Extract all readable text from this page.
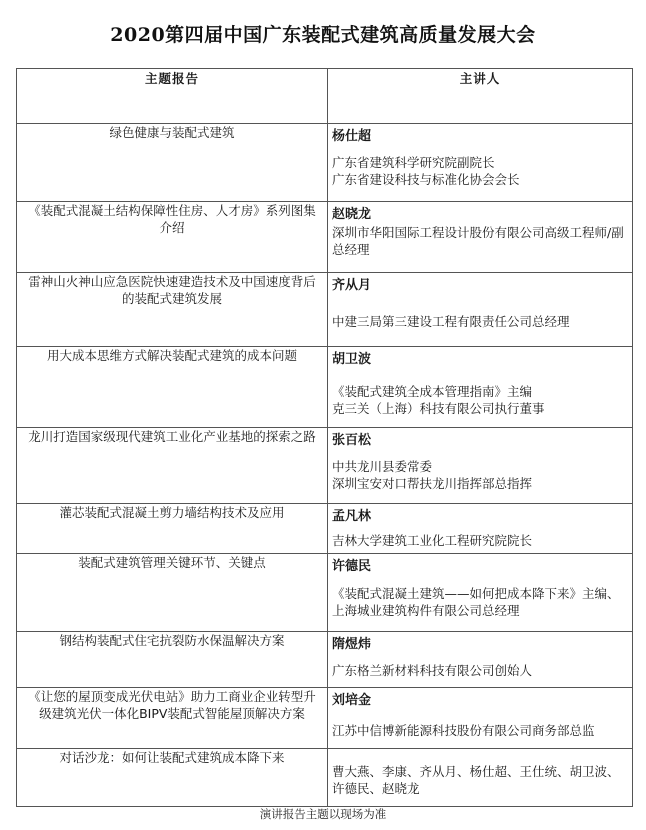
2020第四届中国广东装配式建筑高质量发展大会
主题报告	主讲人
绿色健康与装配式建筑	杨仕超
广东省建筑科学研究院副院长
广东省建设科技与标准化协会会长

《装配式混凝土结构保障性住房、人才房》系列图集介绍	赵晓龙
深圳市华阳国际工程设计股份有限公司高级工程师/副总经理

雷神山火神山应急医院快速建造技术及中国速度背后的装配式建筑发展	齐从月
中建三局第三建设工程有限责任公司总经理

用大成本思维方式解决装配式建筑的成本问题	胡卫波
《装配式建筑全成本管理指南》主编
克三关（上海）科技有限公司执行董事

龙川打造国家级现代建筑工业化产业基地的探索之路	张百松
中共龙川县委常委
深圳宝安对口帮扶龙川指挥部总指挥

灌芯装配式混凝土剪力墙结构技术及应用	孟凡林
吉林大学建筑工业化工程研究院院长

装配式建筑管理关键环节、关键点	许德民
《装配式混凝土建筑——如何把成本降下来》主编、上海城业建筑构件有限公司总经理

钢结构装配式住宅抗裂防水保温解决方案	隋煜炜
广东格兰新材料科技有限公司创始人

《让您的屋顶变成光伏电站》助力工商业企业转型升级建筑光伏一体化BIPV装配式智能屋顶解决方案	刘培金
江苏中信博新能源科技股份有限公司商务部总监

对话沙龙：如何让装配式建筑成本降下来	曹大燕、李康、齐从月、杨仕超、王仕统、胡卫波、许德民、赵晓龙
演讲报告主题以现场为准
